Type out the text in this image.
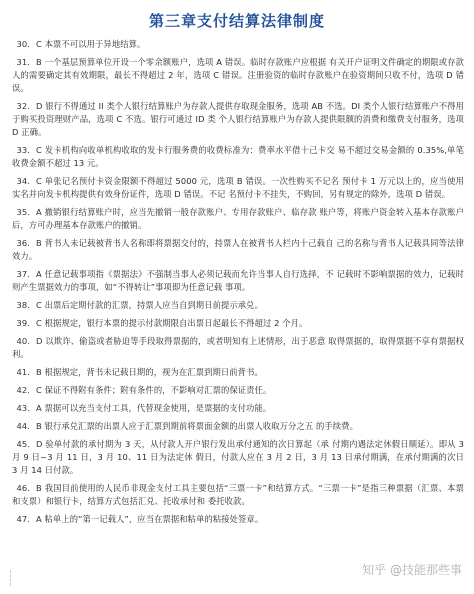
第三章支付结算法律制度
30. C 本票不可以用于异地结算。
31. B 一个基层预算单位开设一个零余额账户，选项 A 错误。临时存款账户应根据 有关开户证明文件确定的期限或存款人的需要确定其有效期限，最长不得超过 2 年，选项 C 错误。注册验资的临时存款账户在验资期间只收不付，选项 D 错误。
32. D 银行不得通过 II 类个人银行结算账户为存款人提供存取现金服务，选项 AB 不选。DI 类个人银行结算账户不得用于购买投资理财产品，选项 C 不选。银行可通过 ID 类 个人银行结算账户为存款人提供限额的消费和缴费支付服务，选项 D 正确。
33. C 发卡机构向收单机构收取的发卡行服务费的收费标准为：费率水平借十己卡交 易不超过交易金额的 0.35%,单笔收费金额不超过 13 元。
34. C 单张记名预付卡资金限额不得超过 5000 元，选项 B 错误。一次性购买不记名 预付卡 1 万元以上的，应当使用实名并向发卡机构提供有效身份证件，选项 D 错误。不记 名预付卡不挂失，不购回，另有规定的除外，选项 D 错误。
35. A 撤销银行结算账户时，应当先撤销一般存款账户、专用存款账户、临存款 账户等，将账户资金转入基本存款账户后，方可办理基本存款账户的撤销。
36. B 背书人未记载被背书人名称即将票据交付的，持票人在被背书人栏内十己载自 己的名称与背书人记载具同等法律效力。
37. A 任意记载事项指《票据法》不强制当事人必须记载而允许当事人自行选择，不 记载时不影响票据的效力，记载时则产生票据效力的事项，如“不得转让”事项即为任意记载 事项。
38. C 出票后定期付款的汇票，持票人应当自到期日前提示承兑。
39. C 根据规定，银行本票的提示付款期限自出票日起最长不得超过 2 个月。
40. D 以欺诈、偷盗或者胁迫等手段取得票据的，或者明知有上述情形，出于恶意 取得票据的，取得票据不享有票据权利。
41. B 根据规定，背书未记载日期的，视为在汇票到期日前背书。
42. C 保证不得附有条件；附有条件的，不影响对汇票的保证责任。
43. A 票据可以充当支付工具，代替现金使用，是票据的支付功能。
44. B 银行承兑汇票的出票人应于汇票到期前将票面金额的出票人收取万分之五 的手续费。
45. D 验单付款的承付期为 3 天，从付款人开户银行发出承付通知的次日算起（承 付期内遇法定休假日顺延）。即从 3 月 9 日~3 月 11 日，3 月 10、11 日为法定休 假日，付款人应在 3 月 2 日，3 月 13 日承付期满，在承付期满的次日 3 月 14 日付款。
46. B 我国目前使用的人民币非现金支付工具主要包括“三票一卡”和结算方式。“三票一卡”是指三种票据（汇票、本票和支票）和银行卡，结算方式包括汇兑、托收承付和 委托收款。
47. A 粘单上的“第一记载人”，应当在票据和粘单的粘接处签章。
知乎 @技能那些事
